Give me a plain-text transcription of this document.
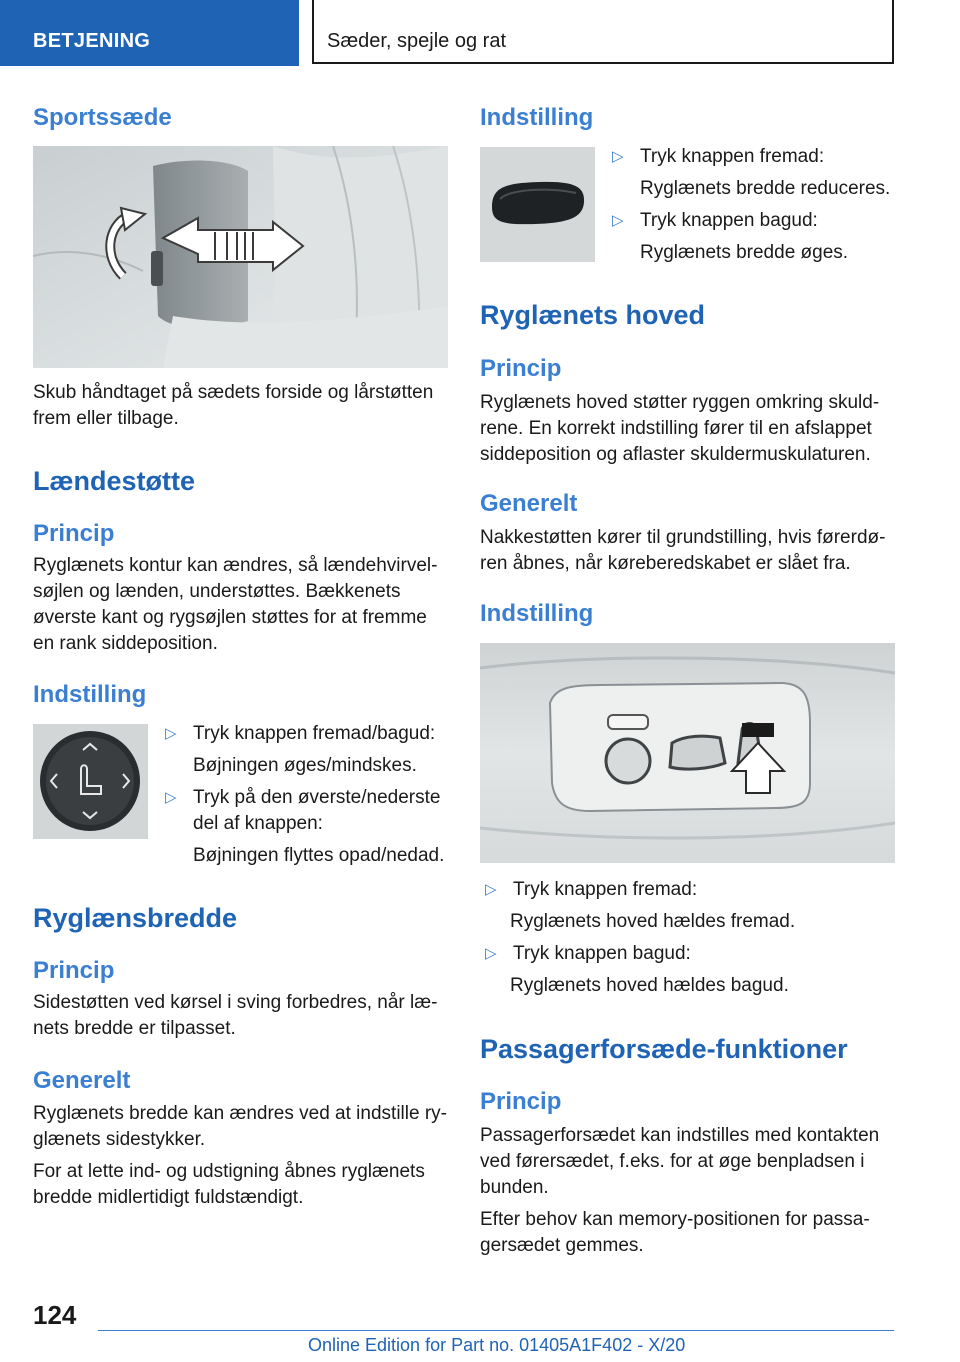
BETJENING	Sæder, spejle og rat
Sportssæde

Skub håndtaget på sædets forside og lårstøtten

frem eller tilbage.

Lændestøtte
Princip

Ryglænets kontur kan ændres, så lændehvirvel-

søjlen og lænden, understøttes. Bækkenets

øverste kant og rygsøjlen støttes for at fremme

en rank siddeposition.

Indstilling
▷ Tryk knappen fremad/bagud:
Bøjningen øges/mindskes.
▷ Tryk på den øverste/nederste
del af knappen:
Bøjningen flyttes opad/nedad.
Ryglænsbredde
Princip

Sidestøtten ved kørsel i sving forbedres, når læ-

nets bredde er tilpasset.

Generelt

Ryglænets bredde kan ændres ved at indstille ry-

glænets sidestykker.

For at lette ind- og udstigning åbnes ryglænets

bredde midlertidigt fuldstændigt.

Indstilling
▷ Tryk knappen fremad:
Ryglænets bredde reduceres.
▷ Tryk knappen bagud:
Ryglænets bredde øges.
Ryglænets hoved
Princip

Ryglænets hoved støtter ryggen omkring skuld-

rene. En korrekt indstilling fører til en afslappet

siddeposition og aflaster skuldermuskulaturen.

Generelt

Nakkestøtten kører til grundstilling, hvis førerdø-

ren åbnes, når køreberedskabet er slået fra.

Indstilling
▷ Tryk knappen fremad:
Ryglænets hoved hældes fremad.
▷ Tryk knappen bagud:
Ryglænets hoved hældes bagud.
Passagerforsæde-funktioner
Princip

Passagerforsædet kan indstilles med kontakten

ved førersædet, f.eks. for at øge benpladsen i

bunden.

Efter behov kan memory-positionen for passa-

gersædet gemmes.

124
Online Edition for Part no. 01405A1F402 - X/20
